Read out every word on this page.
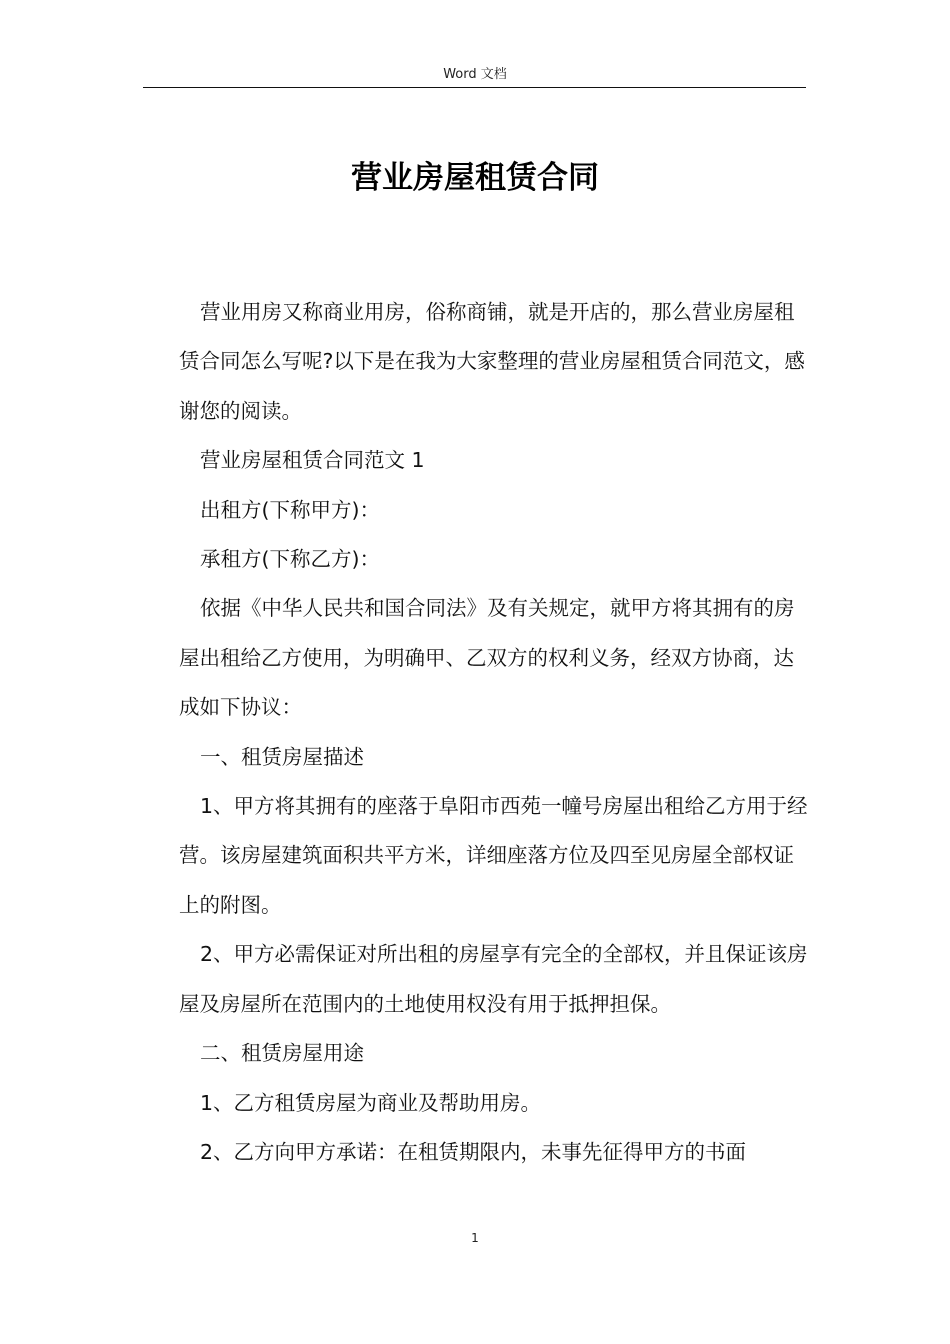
Word 文档
营业房屋租赁合同

营业用房又称商业用房，俗称商铺，就是开店的，那么营业房屋租赁合同怎么写呢?以下是在我为大家整理的营业房屋租赁合同范文，感谢您的阅读。

营业房屋租赁合同范文 1

出租方(下称甲方)：

承租方(下称乙方)：

依据《中华人民共和国合同法》及有关规定，就甲方将其拥有的房屋出租给乙方使用，为明确甲、乙双方的权利义务，经双方协商，达成如下协议：

一、租赁房屋描述

1、甲方将其拥有的座落于阜阳市西苑一幢号房屋出租给乙方用于经营。该房屋建筑面积共平方米，详细座落方位及四至见房屋全部权证上的附图。

2、甲方必需保证对所出租的房屋享有完全的全部权，并且保证该房屋及房屋所在范围内的土地使用权没有用于抵押担保。

二、租赁房屋用途

1、乙方租赁房屋为商业及帮助用房。

2、乙方向甲方承诺：在租赁期限内，未事先征得甲方的书面

1
